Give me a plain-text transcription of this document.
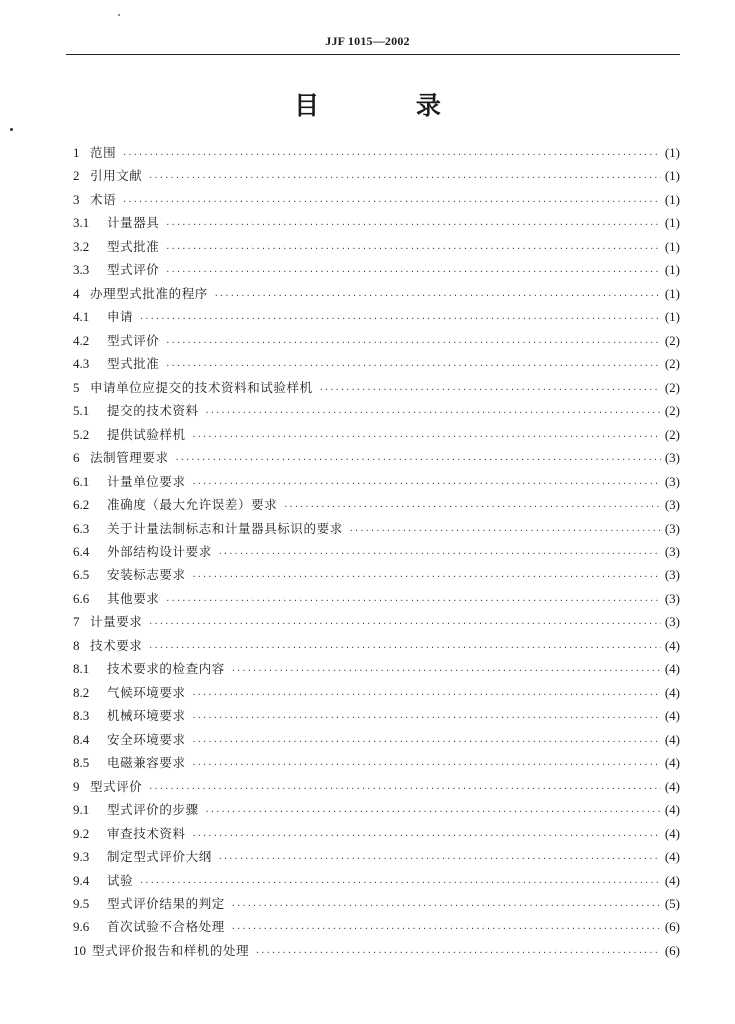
JJF 1015—2002
目 录
1 范围 ·····	(1)
2 引用文献 ·····	(1)
3 术语 ·····	(1)
3.1	计量器具 ·····	(1)
3.2	型式批准 ·····	(1)
3.3	型式评价 ·····	(1)
4 办理型式批准的程序 ·····	(1)
4.1	申请 ·····	(1)
4.2	型式评价 ·····	(2)
4.3	型式批准 ·····	(2)
5 申请单位应提交的技术资料和试验样机 ·····	(2)
5.1	提交的技术资料 ·····	(2)
5.2	提供试验样机 ·····	(2)
6 法制管理要求 ·····	(3)
6.1	计量单位要求 ·····	(3)
6.2	准确度（最大允许误差）要求 ·····	(3)
6.3	关于计量法制标志和计量器具标识的要求 ·····	(3)
6.4	外部结构设计要求 ·····	(3)
6.5	安装标志要求 ·····	(3)
6.6	其他要求 ·····	(3)
7 计量要求 ·····	(3)
8 技术要求 ·····	(4)
8.1	技术要求的检查内容 ·····	(4)
8.2	气候环境要求 ·····	(4)
8.3	机械环境要求 ·····	(4)
8.4	安全环境要求 ·····	(4)
8.5	电磁兼容要求 ·····	(4)
9 型式评价 ·····	(4)
9.1	型式评价的步骤 ·····	(4)
9.2	审查技术资料 ·····	(4)
9.3	制定型式评价大纲 ·····	(4)
9.4	试验 ·····	(4)
9.5	型式评价结果的判定 ·····	(5)
9.6	首次试验不合格处理 ·····	(6)
10 型式评价报告和样机的处理 ·····	(6)
